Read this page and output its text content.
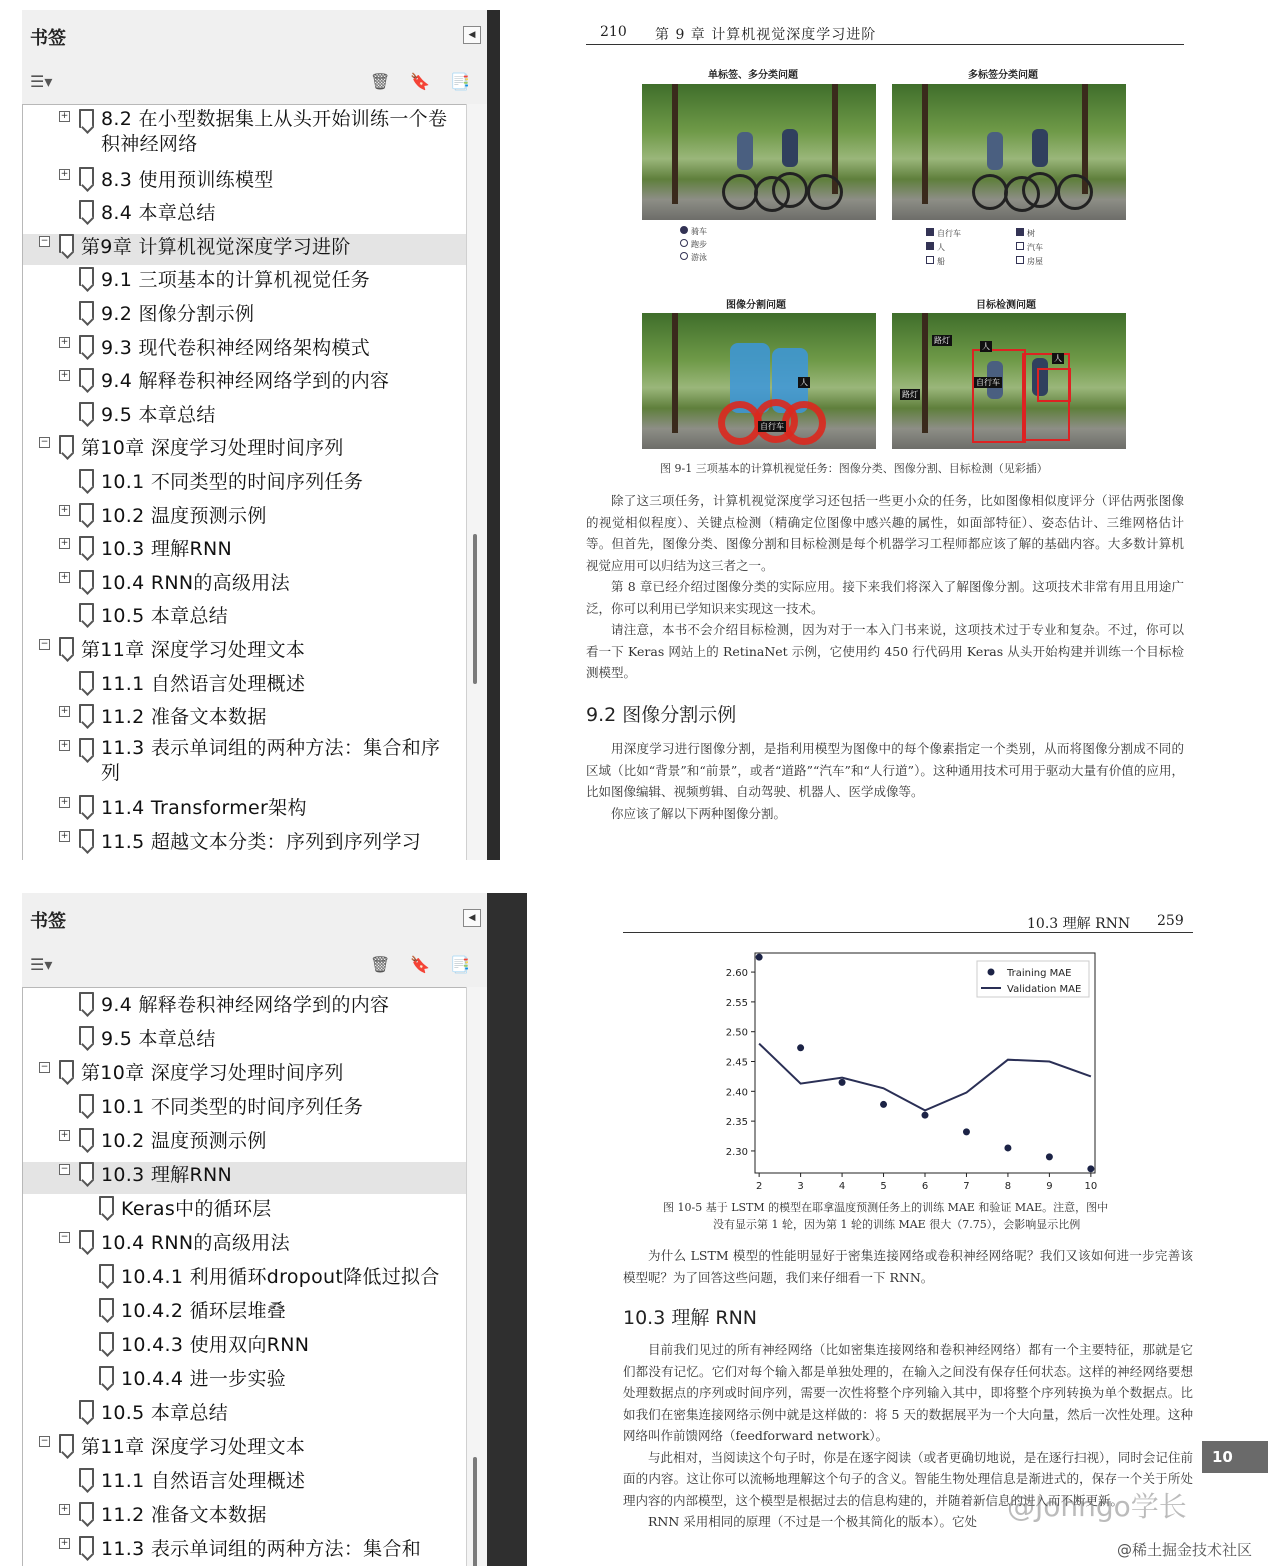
书签	◀
☰▾	🗑 🔖 📑
+ 8.2 在小型数据集上从头开始训练一个卷积神经网络
+ 8.3 使用预训练模型
8.4 本章总结
− 第9章 计算机视觉深度学习进阶
9.1 三项基本的计算机视觉任务
9.2 图像分割示例
+ 9.3 现代卷积神经网络架构模式
+ 9.4 解释卷积神经网络学到的内容
9.5 本章总结
− 第10章 深度学习处理时间序列
10.1 不同类型的时间序列任务
+ 10.2 温度预测示例
+ 10.3 理解RNN
+ 10.4 RNN的高级用法
10.5 本章总结
− 第11章 深度学习处理文本
11.1 自然语言处理概述
+ 11.2 准备文本数据
+ 11.3 表示单词组的两种方法：集合和序列
+ 11.4 Transformer架构
+ 11.5 超越文本分类：序列到序列学习
210 第 9 章 计算机视觉深度学习进阶
单标签、多分类问题	多标签分类问题
骑车
跑步
游泳
自行车
人
船
树
汽车
房屋
图像分割问题	目标检测问题
人
自行车
路灯
人
自行车
人
路灯
图 9-1 三项基本的计算机视觉任务：图像分类、图像分割、目标检测（见彩插）

除了这三项任务，计算机视觉深度学习还包括一些更小众的任务，比如图像相似度评分（评估两张图像的视觉相似程度）、关键点检测（精确定位图像中感兴趣的属性，如面部特征）、姿态估计、三维网格估计等。但首先，图像分类、图像分割和目标检测是每个机器学习工程师都应该了解的基础内容。大多数计算机视觉应用可以归结为这三者之一。

第 8 章已经介绍过图像分类的实际应用。接下来我们将深入了解图像分割。这项技术非常有用且用途广泛，你可以利用已学知识来实现这一技术。

请注意，本书不会介绍目标检测，因为对于一本入门书来说，这项技术过于专业和复杂。不过，你可以看一下 Keras 网站上的 RetinaNet 示例，它使用约 450 行代码用 Keras 从头开始构建并训练一个目标检测模型。

9.2 图像分割示例

用深度学习进行图像分割，是指利用模型为图像中的每个像素指定一个类别，从而将图像分割成不同的区域（比如“背景”和“前景”，或者“道路”“汽车”和“人行道”）。这种通用技术可用于驱动大量有价值的应用，比如图像编辑、视频剪辑、自动驾驶、机器人、医学成像等。

你应该了解以下两种图像分割。

书签	◀
☰▾	🗑 🔖 📑
9.4 解释卷积神经网络学到的内容
9.5 本章总结
− 第10章 深度学习处理时间序列
10.1 不同类型的时间序列任务
+ 10.2 温度预测示例
− 10.3 理解RNN
Keras中的循环层
− 10.4 RNN的高级用法
10.4.1 利用循环dropout降低过拟合
10.4.2 循环层堆叠
10.4.3 使用双向RNN
10.4.4 进一步实验
10.5 本章总结
− 第11章 深度学习处理文本
11.1 自然语言处理概述
+ 11.2 准备文本数据
+ 11.3 表示单词组的两种方法：集合和
10.3 理解 RNN 259
2.30
2.35
2.40
2.45
2.50
2.55
2.60
2	3	4	5	6	7	8	9	10
Training MAE
Validation MAE
图 10-5 基于 LSTM 的模型在耶拿温度预测任务上的训练 MAE 和验证 MAE。注意，图中
没有显示第 1 轮，因为第 1 轮的训练 MAE 很大（7.75），会影响显示比例

为什么 LSTM 模型的性能明显好于密集连接网络或卷积神经网络呢？我们又该如何进一步完善该模型呢？为了回答这些问题，我们来仔细看一下 RNN。

10.3 理解 RNN

目前我们见过的所有神经网络（比如密集连接网络和卷积神经网络）都有一个主要特征，那就是它们都没有记忆。它们对每个输入都是单独处理的，在输入之间没有保存任何状态。这样的神经网络要想处理数据点的序列或时间序列，需要一次性将整个序列输入其中，即将整个序列转换为单个数据点。比如我们在密集连接网络示例中就是这样做的：将 5 天的数据展平为一个大向量，然后一次性处理。这种网络叫作前馈网络（feedforward network）。

与此相对，当阅读这个句子时，你是在逐字阅读（或者更确切地说，是在逐行扫视），同时会记住前面的内容。这让你可以流畅地理解这个句子的含义。智能生物处理信息是渐进式的，保存一个关于所处理内容的内部模型，这个模型是根据过去的信息构建的，并随着新信息的进入而不断更新。

RNN 采用相同的原理（不过是一个极其简化的版本）。它处

10
@Johngo学长
@稀土掘金技术社区
